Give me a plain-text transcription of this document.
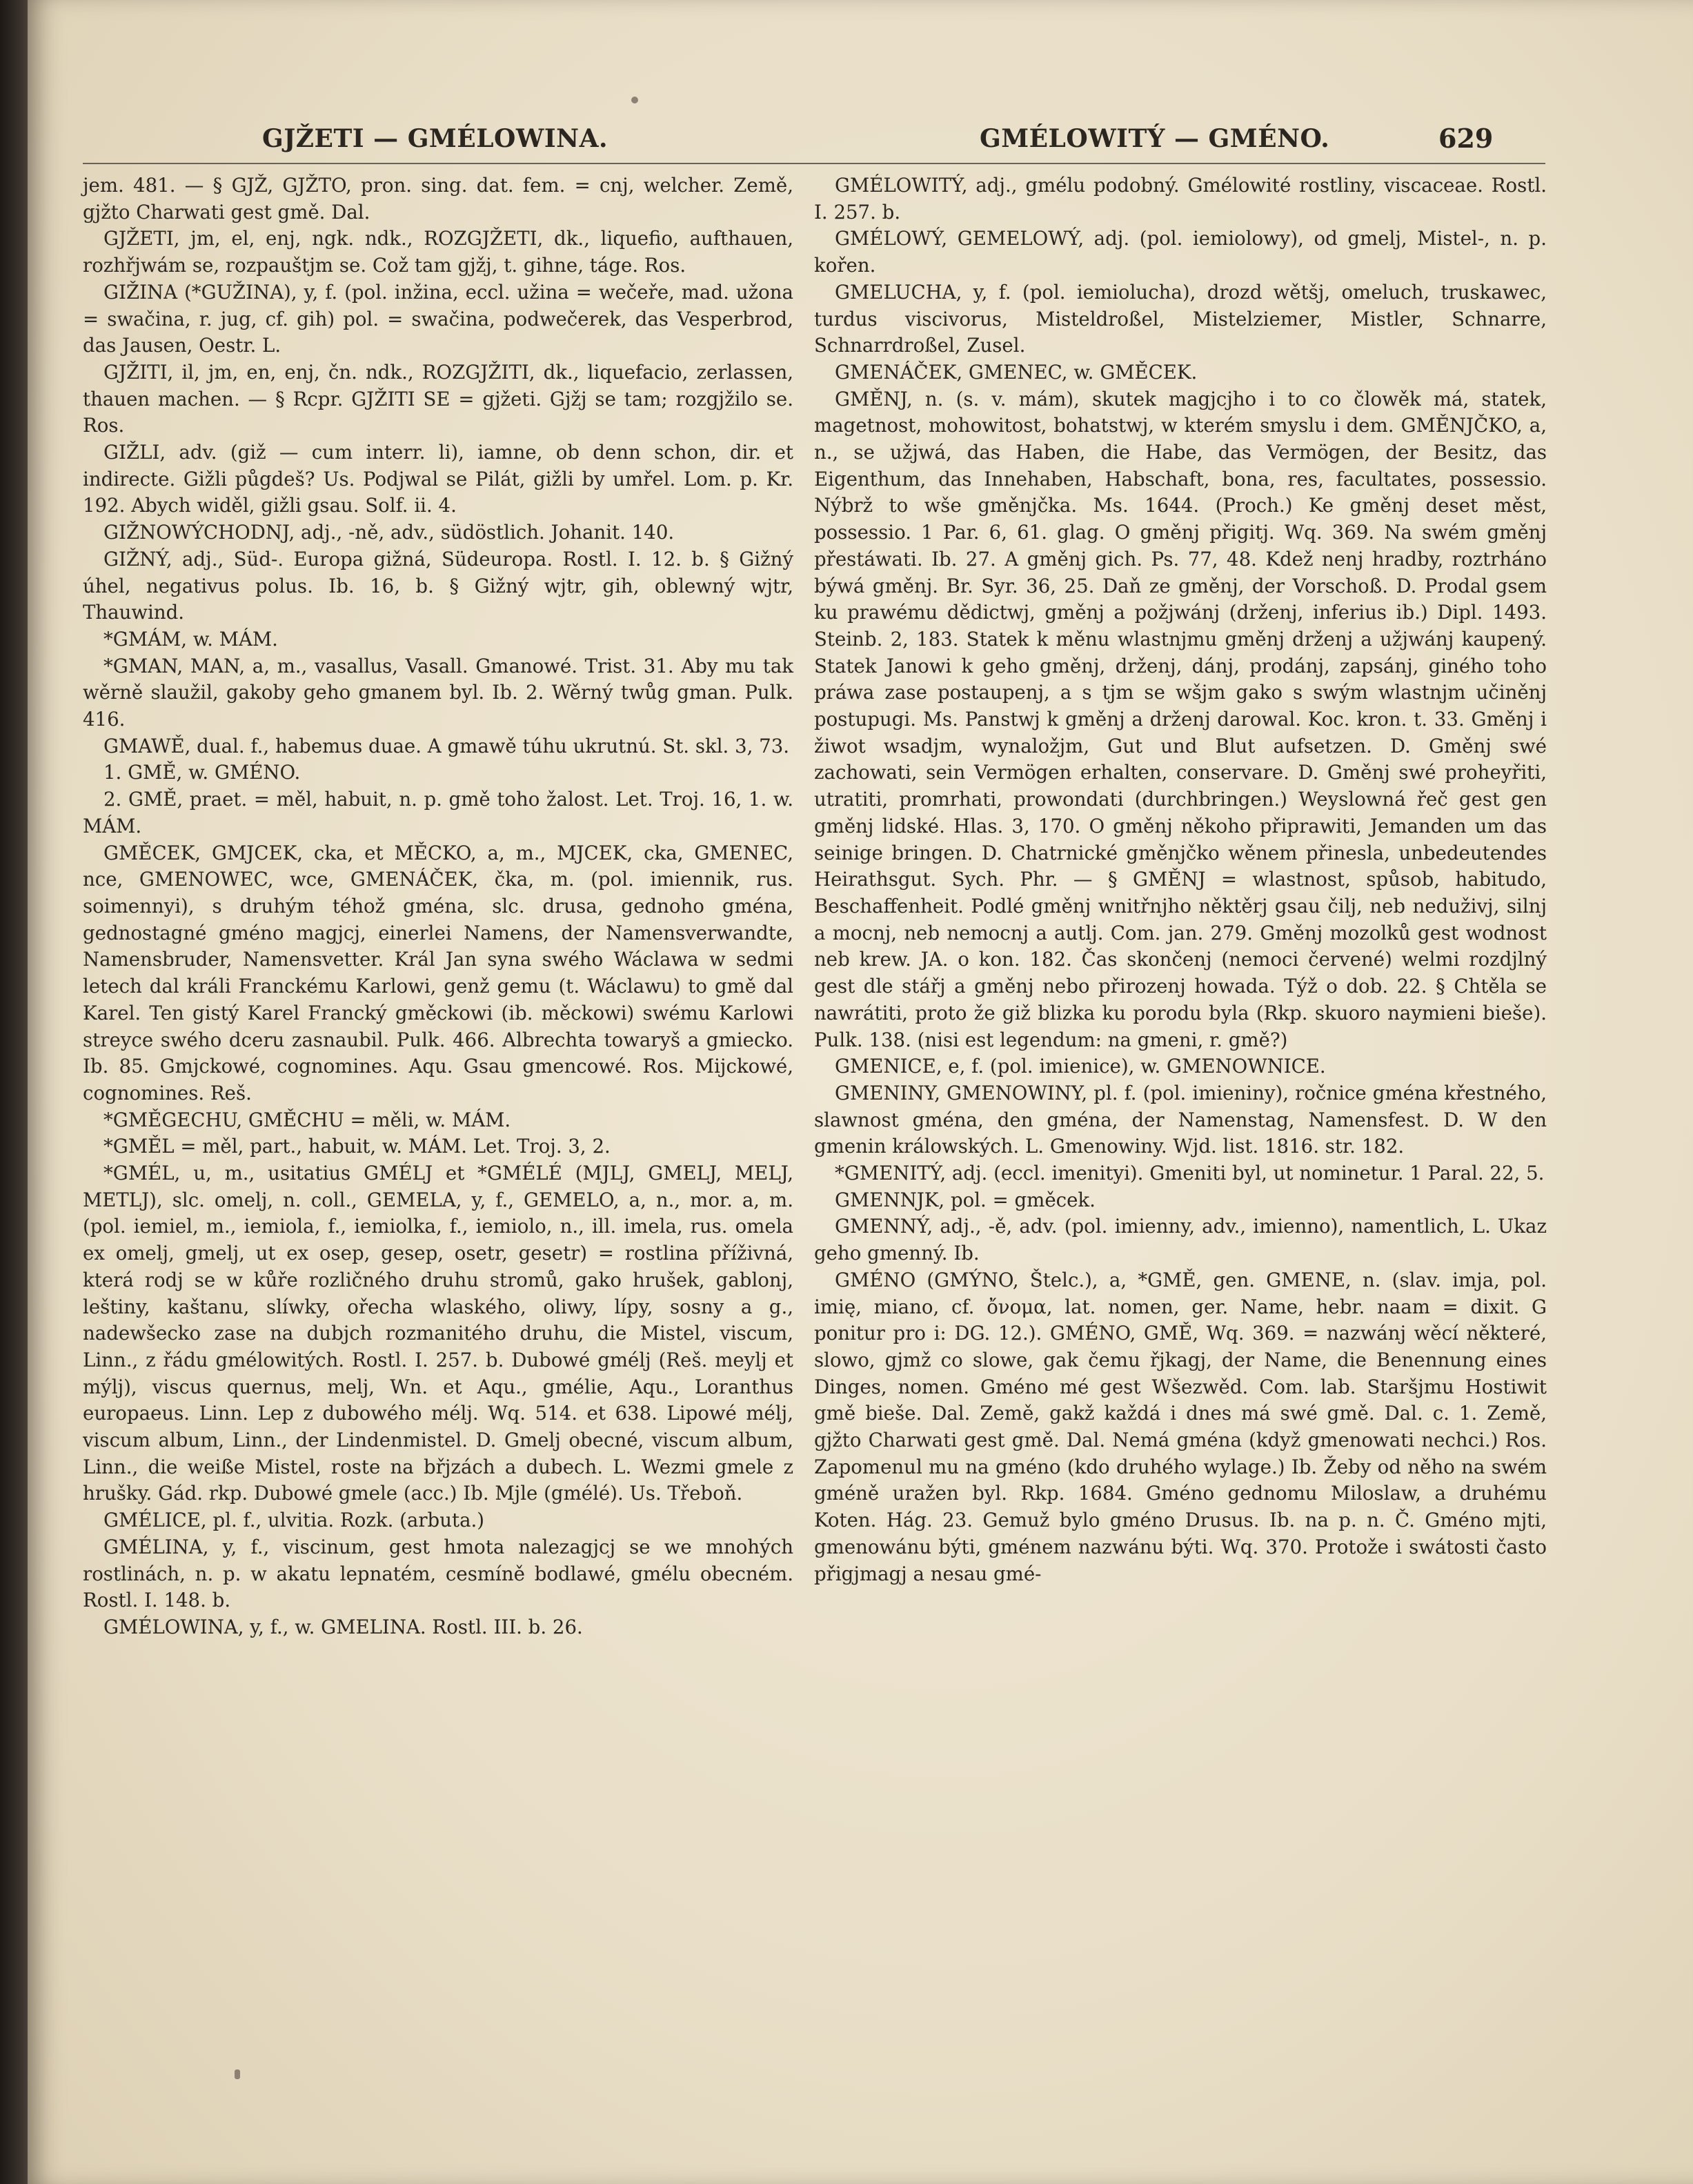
GJŽETI — GMÉLOWINA.	GMÉLOWITÝ — GMÉNO.	629

jem. 481. — § GJŽ, GJŽTO, pron. sing. dat. fem. = cnj, welcher. Země, gjžto Charwati gest gmě. Dal.

GJŽETI, jm, el, enj, ngk. ndk., ROZGJŽETI, dk., liquefio, aufthauen, rozhřjwám se, rozpauštjm se. Což tam gjžj, t. gihne, táge. Ros.

GIŽINA (*GUŽINA), y, f. (pol. inžina, eccl. užina = wečeře, mad. užona = swačina, r. jug, cf. gih) pol. = swačina, podwečerek, das Vesperbrod, das Jausen, Oestr. L.

GJŽITI, il, jm, en, enj, čn. ndk., ROZGJŽITI, dk., liquefacio, zerlassen, thauen machen. — § Rcpr. GJŽITI SE = gjžeti. Gjžj se tam; rozgjžilo se. Ros.

GIŽLI, adv. (giž — cum interr. li), iamne, ob denn schon, dir. et indirecte. Gižli půgdeš? Us. Podjwal se Pilát, gižli by umřel. Lom. p. Kr. 192. Abych widěl, gižli gsau. Solf. ii. 4.

GIŽNOWÝCHODNJ, adj., -ně, adv., südöstlich. Johanit. 140.

GIŽNÝ, adj., Süd-. Europa gižná, Südeuropa. Rostl. I. 12. b. § Gižný úhel, negativus polus. Ib. 16, b. § Gižný wjtr, gih, oblewný wjtr, Thauwind.

*GMÁM, w. MÁM.

*GMAN, MAN, a, m., vasallus, Vasall. Gmanowé. Trist. 31. Aby mu tak wěrně slaužil, gakoby geho gmanem byl. Ib. 2. Wěrný twůg gman. Pulk. 416.

GMAWĚ, dual. f., habemus duae. A gmawě túhu ukrutnú. St. skl. 3, 73.

1. GMĚ, w. GMÉNO.

2. GMĚ, praet. = měl, habuit, n. p. gmě toho žalost. Let. Troj. 16, 1. w. MÁM.

GMĚCEK, GMJCEK, cka, et MĚCKO, a, m., MJCEK, cka, GMENEC, nce, GMENOWEC, wce, GMENÁČEK, čka, m. (pol. imiennik, rus. soimennyi), s druhým téhož gména, slc. drusa, gednoho gména, gednostagné gméno magjcj, einerlei Namens, der Namensverwandte, Namensbruder, Namensvetter. Král Jan syna swého Wáclawa w sedmi letech dal králi Franckému Karlowi, genž gemu (t. Wáclawu) to gmě dal Karel. Ten gistý Karel Francký gměckowi (ib. měckowi) swému Karlowi streyce swého dceru zasnaubil. Pulk. 466. Albrechta towaryš a gmiecko. Ib. 85. Gmjckowé, cognomines. Aqu. Gsau gmencowé. Ros. Mijckowé, cognomines. Reš.

*GMĚGECHU, GMĚCHU = měli, w. MÁM.

*GMĚL = měl, part., habuit, w. MÁM. Let. Troj. 3, 2.

*GMÉL, u, m., usitatius GMÉLJ et *GMÉLÉ (MJLJ, GMELJ, MELJ, METLJ), slc. omelj, n. coll., GEMELA, y, f., GEMELO, a, n., mor. a, m. (pol. iemiel, m., iemiola, f., iemiolka, f., iemiolo, n., ill. imela, rus. omela ex omelj, gmelj, ut ex osep, gesep, osetr, gesetr) = rostlina příživná, která rodj se w kůře rozličného druhu stromů, gako hrušek, gablonj, leštiny, kaštanu, slíwky, ořecha wlaského, oliwy, lípy, sosny a g., nadewšecko zase na dubjch rozmanitého druhu, die Mistel, viscum, Linn., z řádu gmélowitých. Rostl. I. 257. b. Dubowé gmélj (Reš. meylj et mýlj), viscus quernus, melj, Wn. et Aqu., gmélie, Aqu., Loranthus europaeus. Linn. Lep z dubowého mélj. Wq. 514. et 638. Lipowé mélj, viscum album, Linn., der Lindenmistel. D. Gmelj obecné, viscum album, Linn., die weiße Mistel, roste na břjzách a dubech. L. Wezmi gmele z hrušky. Gád. rkp. Dubowé gmele (acc.) Ib. Mjle (gmélé). Us. Třeboň.

GMÉLICE, pl. f., ulvitia. Rozk. (arbuta.)

GMÉLINA, y, f., viscinum, gest hmota nalezagjcj se we mnohých rostlinách, n. p. w akatu lepnatém, cesmíně bodlawé, gmélu obecném. Rostl. I. 148. b.

GMÉLOWINA, y, f., w. GMELINA. Rostl. III. b. 26.

GMÉLOWITÝ, adj., gmélu podobný. Gmélowité rostliny, viscaceae. Rostl. I. 257. b.

GMÉLOWÝ, GEMELOWÝ, adj. (pol. iemiolowy), od gmelj, Mistel-, n. p. kořen.

GMELUCHA, y, f. (pol. iemiolucha), drozd wětšj, omeluch, truskawec, turdus viscivorus, Misteldroßel, Mistelziemer, Mistler, Schnarre, Schnarrdroßel, Zusel.

GMENÁČEK, GMENEC, w. GMĚCEK.

GMĚNJ, n. (s. v. mám), skutek magjcjho i to co člowěk má, statek, magetnost, mohowitost, bohatstwj, w kterém smyslu i dem. GMĚNJČKO, a, n., se užjwá, das Haben, die Habe, das Vermögen, der Besitz, das Eigenthum, das Innehaben, Habschaft, bona, res, facultates, possessio. Nýbrž to wše gměnjčka. Ms. 1644. (Proch.) Ke gměnj deset měst, possessio. 1 Par. 6, 61. glag. O gměnj přigitj. Wq. 369. Na swém gměnj přestáwati. Ib. 27. A gměnj gich. Ps. 77, 48. Kdež nenj hradby, roztrháno býwá gměnj. Br. Syr. 36, 25. Daň ze gměnj, der Vorschoß. D. Prodal gsem ku prawému dědictwj, gměnj a požjwánj (drženj, inferius ib.) Dipl. 1493. Steinb. 2, 183. Statek k měnu wlastnjmu gměnj drženj a užjwánj kaupený. Statek Janowi k geho gměnj, drženj, dánj, prodánj, zapsánj, giného toho práwa zase postaupenj, a s tjm se wšjm gako s swým wlastnjm učiněnj postupugi. Ms. Panstwj k gměnj a drženj darowal. Koc. kron. t. 33. Gměnj i žiwot wsadjm, wynaložjm, Gut und Blut aufsetzen. D. Gměnj swé zachowati, sein Vermögen erhalten, conservare. D. Gměnj swé proheyřiti, utratiti, promrhati, prowondati (durchbringen.) Weyslowná řeč gest gen gměnj lidské. Hlas. 3, 170. O gměnj někoho připrawiti, Jemanden um das seinige bringen. D. Chatrnické gměnjčko wěnem přinesla, unbedeutendes Heirathsgut. Sych. Phr. — § GMĚNJ = wlastnost, spůsob, habitudo, Beschaffenheit. Podlé gměnj wnitřnjho něktěrj gsau čilj, neb neduživj, silnj a mocnj, neb nemocnj a autlj. Com. jan. 279. Gměnj mozolků gest wodnost neb krew. JA. o kon. 182. Čas skončenj (nemoci červené) welmi rozdjlný gest dle stářj a gměnj nebo přirozenj howada. Týž o dob. 22. § Chtěla se nawrátiti, proto že giž blizka ku porodu byla (Rkp. skuoro naymieni bieše). Pulk. 138. (nisi est legendum: na gmeni, r. gmě?)

GMENICE, e, f. (pol. imienice), w. GMENOWNICE.

GMENINY, GMENOWINY, pl. f. (pol. imieniny), ročnice gména křestného, slawnost gména, den gména, der Namenstag, Namensfest. D. W den gmenin králowských. L. Gmenowiny. Wjd. list. 1816. str. 182.

*GMENITÝ, adj. (eccl. imenityi). Gmeniti byl, ut nominetur. 1 Paral. 22, 5.

GMENNJK, pol. = gměcek.

GMENNÝ, adj., -ě, adv. (pol. imienny, adv., imienno), namentlich, L. Ukaz geho gmenný. Ib.

GMÉNO (GMÝNO, Štelc.), a, *GMĚ, gen. GMENE, n. (slav. imja, pol. imię, miano, cf. ὄνομα, lat. nomen, ger. Name, hebr. naam = dixit. G ponitur pro i: DG. 12.). GMÉNO, GMĚ, Wq. 369. = nazwánj wěcí některé, slowo, gjmž co slowe, gak čemu řjkagj, der Name, die Benennung eines Dinges, nomen. Gméno mé gest Wšezwěd. Com. lab. Staršjmu Hostiwit gmě bieše. Dal. Země, gakž každá i dnes má swé gmě. Dal. c. 1. Země, gjžto Charwati gest gmě. Dal. Nemá gména (když gmenowati nechci.) Ros. Zapomenul mu na gméno (kdo druhého wylage.) Ib. Žeby od něho na swém gméně uražen byl. Rkp. 1684. Gméno gednomu Miloslaw, a druhému Koten. Hág. 23. Gemuž bylo gméno Drusus. Ib. na p. n. Č. Gméno mjti, gmenowánu býti, gménem nazwánu býti. Wq. 370. Protože i swátosti často přigjmagj a nesau gmé-
